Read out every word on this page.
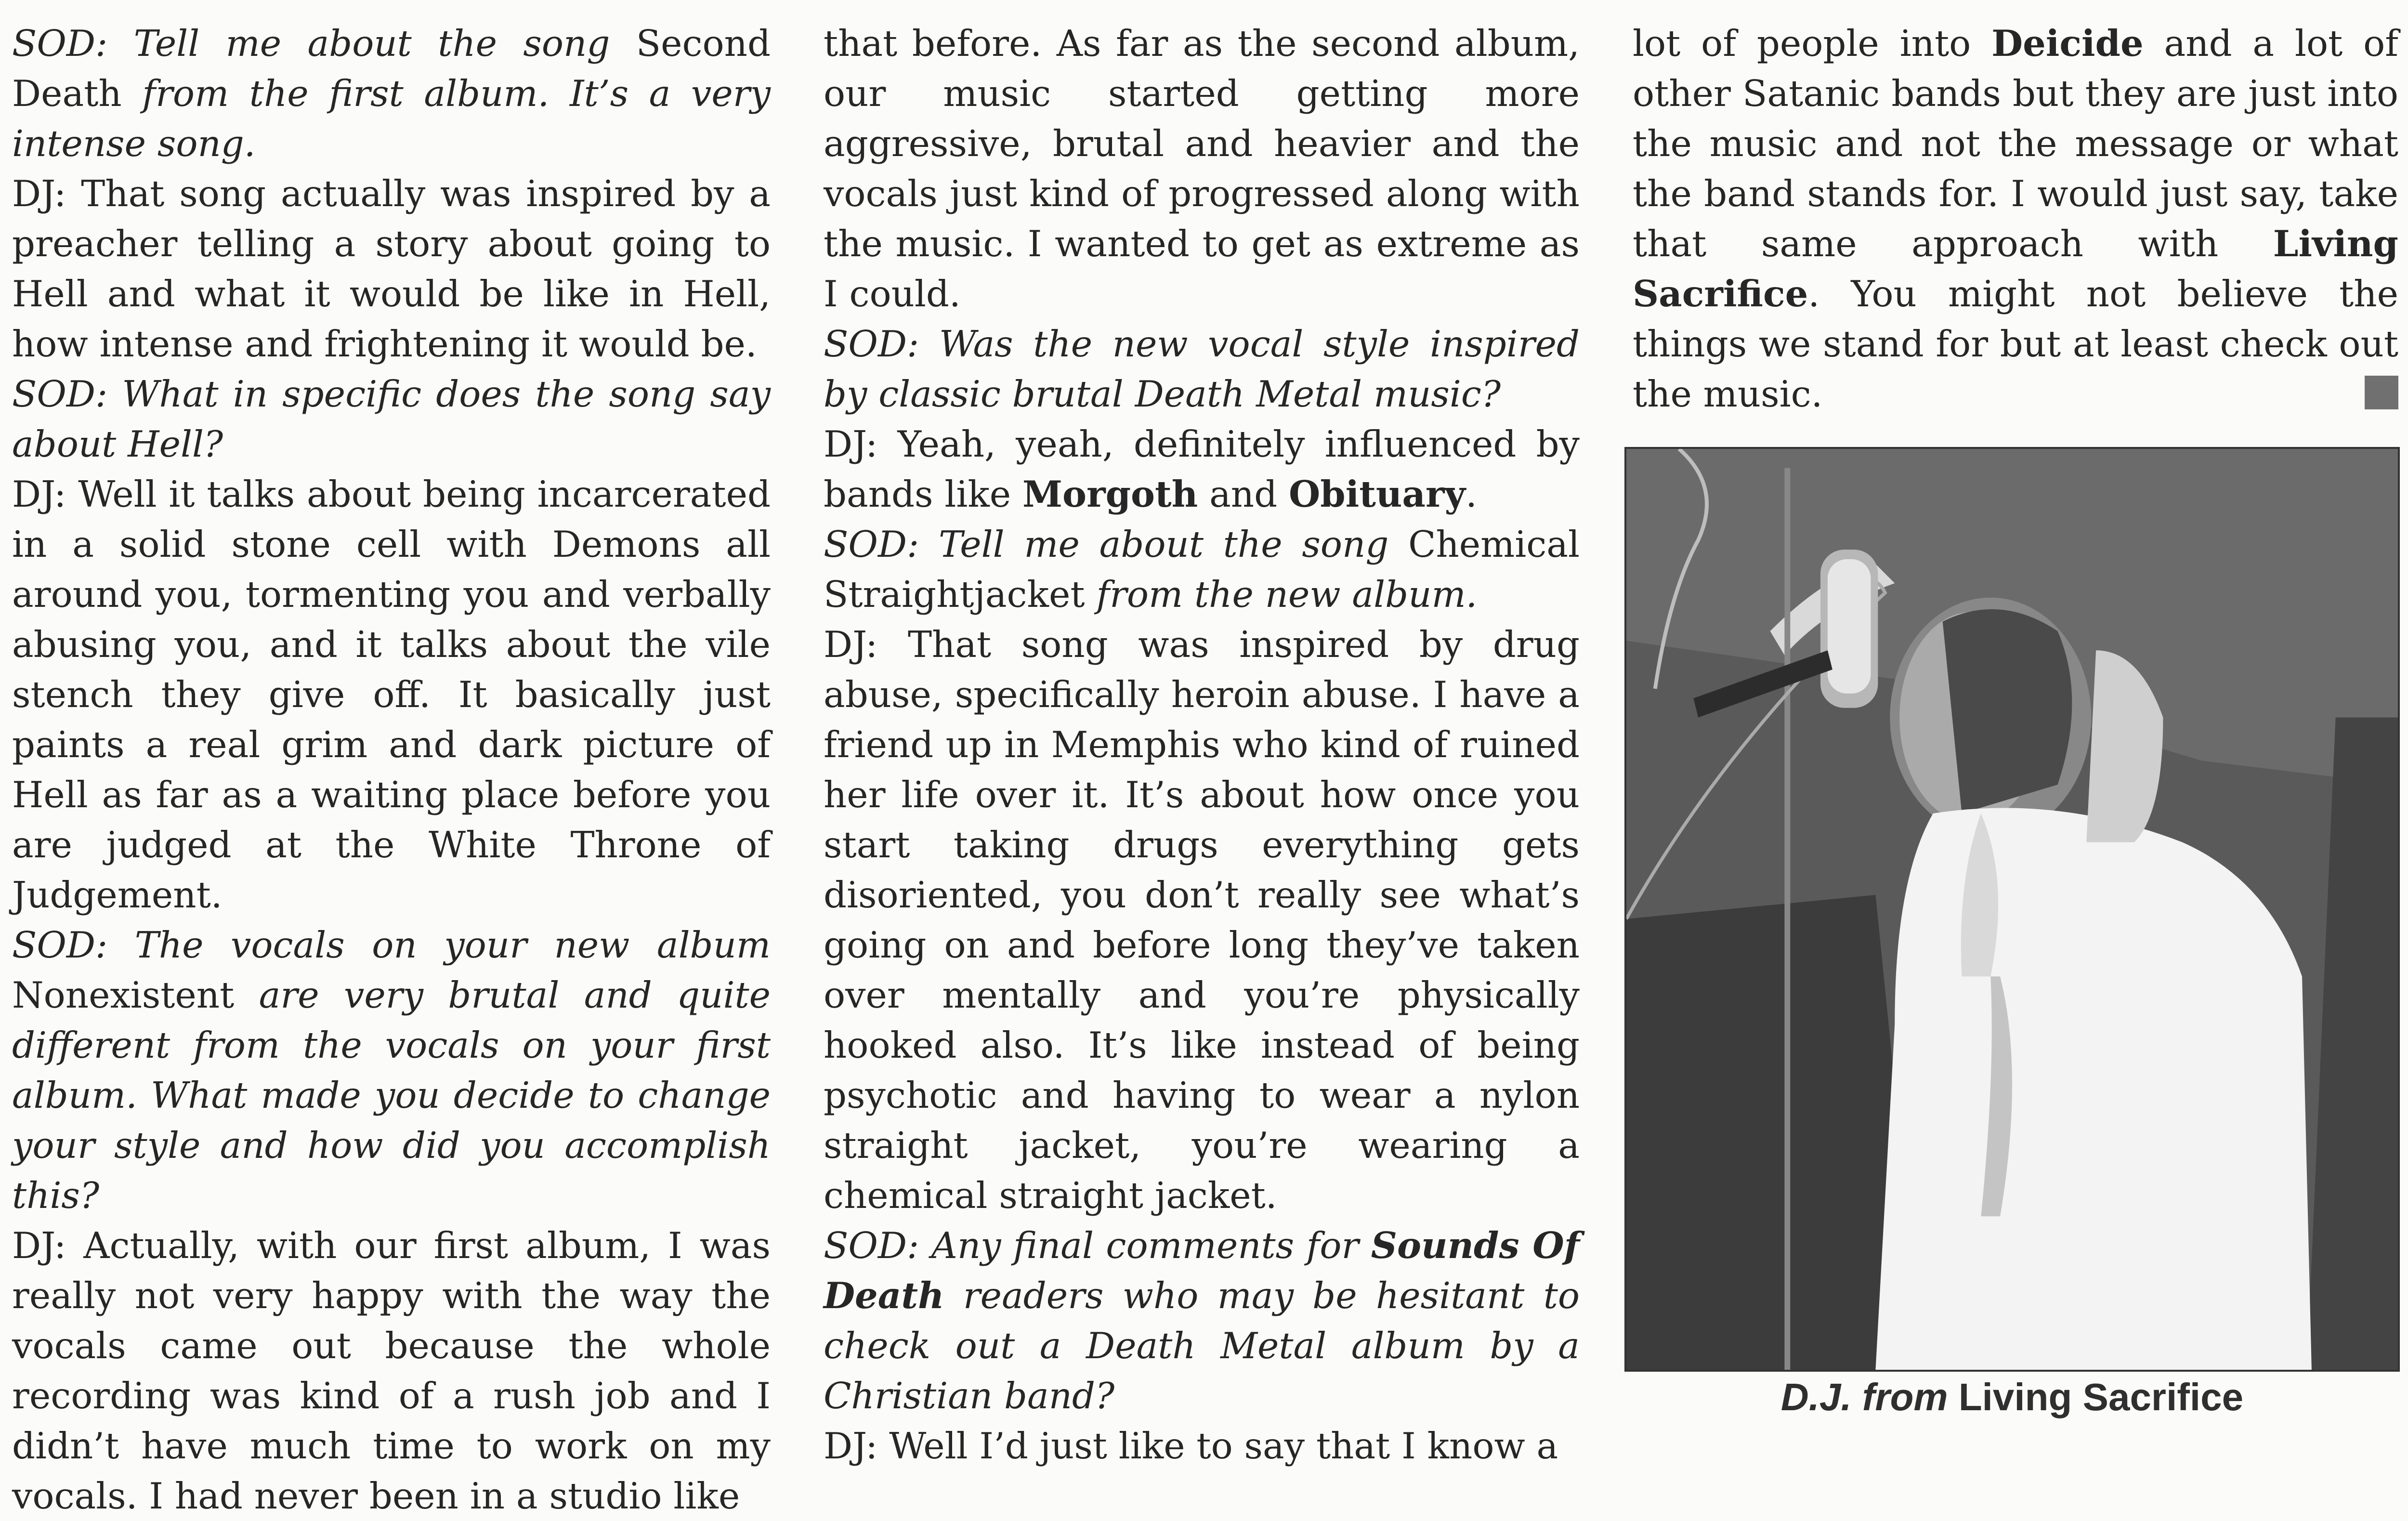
SOD: Tell me about the song Second Death from the first album. It’s a very intense song.

DJ: That song actually was inspired by a preacher telling a story about going to Hell and what it would be like in Hell, how intense and frightening it would be.

SOD: What in specific does the song say about Hell?

DJ: Well it talks about being incarcerated in a solid stone cell with Demons all around you, tormenting you and verbally abusing you, and it talks about the vile stench they give off. It basically just paints a real grim and dark picture of Hell as far as a waiting place before you are judged at the White Throne of Judgement.

SOD: The vocals on your new album Nonexistent are very brutal and quite different from the vocals on your first album. What made you decide to change your style and how did you accomplish this?

DJ: Actually, with our first album, I was really not very happy with the way the vocals came out because the whole recording was kind of a rush job and I didn’t have much time to work on my vocals. I had never been in a studio like

that before. As far as the second album, our music started getting more aggressive, brutal and heavier and the vocals just kind of progressed along with the music. I wanted to get as extreme as I could.

SOD: Was the new vocal style inspired by classic brutal Death Metal music?

DJ: Yeah, yeah, definitely influenced by bands like Morgoth and Obituary.

SOD: Tell me about the song Chemical Straightjacket from the new album.

DJ: That song was inspired by drug abuse, specifically heroin abuse. I have a friend up in Memphis who kind of ruined her life over it. It’s about how once you start taking drugs everything gets disoriented, you don’t really see what’s going on and before long they’ve taken over mentally and you’re physically hooked also. It’s like instead of being psychotic and having to wear a nylon straight jacket, you’re wearing a chemical straight jacket.

SOD: Any final comments for Sounds Of Death readers who may be hesitant to check out a Death Metal album by a Christian band?

DJ: Well I’d just like to say that I know a

lot of people into Deicide and a lot of other Satanic bands but they are just into the music and not the message or what the band stands for. I would just say, take that same approach with Living Sacrifice. You might not believe the things we stand for but at least check out the music.

D.J. from Living Sacrifice
